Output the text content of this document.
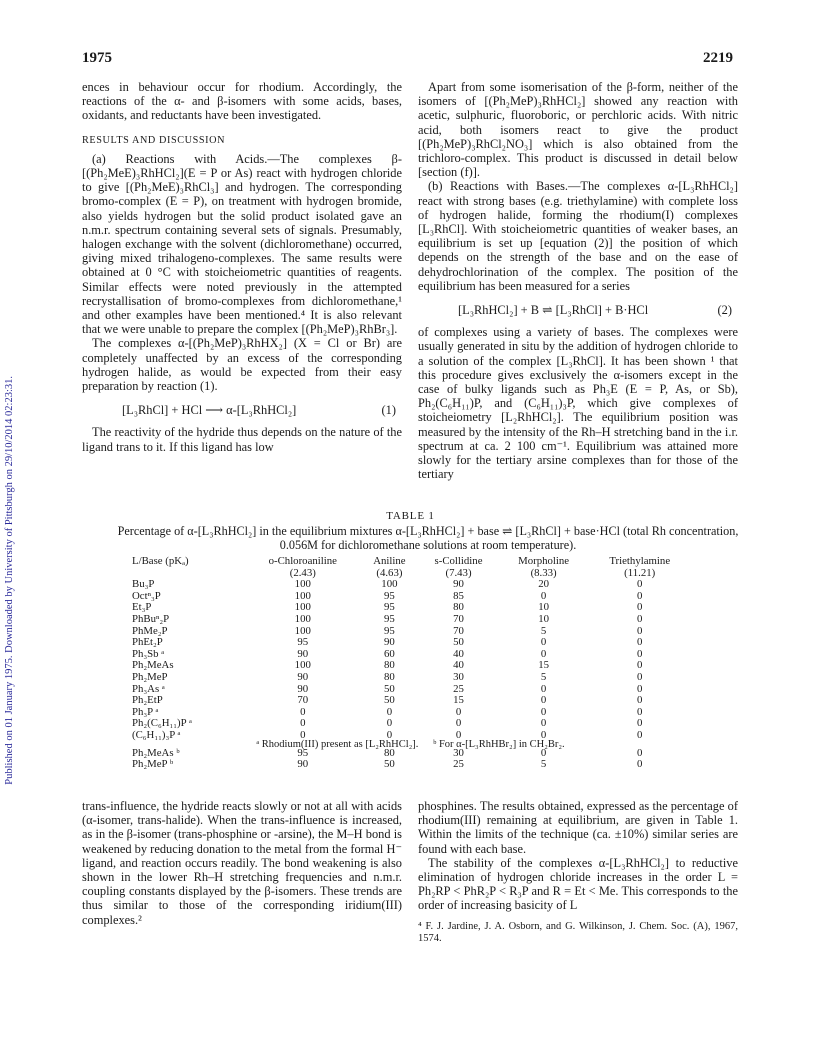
Published on 01 January 1975. Downloaded by University of Pittsburgh on 29/10/2014 02:23:31.
1975	2219

ences in behaviour occur for rhodium. Accordingly, the reactions of the α- and β-isomers with some acids, bases, oxidants, and reductants have been investigated.

RESULTS AND DISCUSSION

(a) Reactions with Acids.—The complexes β-[(Ph₂MeE)₃RhHCl₂](E = P or As) react with hydrogen chloride to give [(Ph₂MeE)₃RhCl₃] and hydrogen. The corresponding bromo-complex (E = P), on treatment with hydrogen bromide, also yields hydrogen but the solid product isolated gave an n.m.r. spectrum containing several sets of signals. Presumably, halogen exchange with the solvent (dichloromethane) occurred, giving mixed trihalogeno-complexes. The same results were obtained at 0 °C with stoicheiometric quantities of reagents. Similar effects were noted previously in the attempted recrystallisation of bromo-complexes from dichloromethane,¹ and other examples have been mentioned.⁴ It is also relevant that we were unable to prepare the complex [(Ph₂MeP)₃RhBr₃].

The complexes α-[(Ph₂MeP)₃RhHX₂] (X = Cl or Br) are completely unaffected by an excess of the corresponding hydrogen halide, as would be expected from their easy preparation by reaction (1).

[L₃RhCl] + HCl ⟶ α-[L₃RhHCl₂]	(1)

The reactivity of the hydride thus depends on the nature of the ligand trans to it. If this ligand has low

Apart from some isomerisation of the β-form, neither of the isomers of [(Ph₂MeP)₃RhHCl₂] showed any reaction with acetic, sulphuric, fluoroboric, or perchloric acids. With nitric acid, both isomers react to give the product [(Ph₂MeP)₃RhCl₂NO₃] which is also obtained from the trichloro-complex. This product is discussed in detail below [section (f)].

(b) Reactions with Bases.—The complexes α-[L₃RhHCl₂] react with strong bases (e.g. triethylamine) with complete loss of hydrogen halide, forming the rhodium(I) complexes [L₃RhCl]. With stoicheiometric quantities of weaker bases, an equilibrium is set up [equation (2)] the position of which depends on the strength of the base and on the ease of dehydrochlorination of the complex. The position of the equilibrium has been measured for a series

[L₃RhHCl₂] + B ⇌ [L₃RhCl] + B·HCl	(2)

of complexes using a variety of bases. The complexes were usually generated in situ by the addition of hydrogen chloride to a solution of the complex [L₃RhCl]. It has been shown ¹ that this procedure gives exclusively the α-isomers except in the case of bulky ligands such as Ph₃E (E = P, As, or Sb), Ph₂(C₆H₁₁)P, and (C₆H₁₁)₃P, which give complexes of stoicheiometry [L₂RhHCl₂]. The equilibrium position was measured by the intensity of the Rh–H stretching band in the i.r. spectrum at ca. 2 100 cm⁻¹. Equilibrium was attained more slowly for the tertiary arsine complexes than for those of the tertiary

TABLE 1
Percentage of α-[L₃RhHCl₂] in the equilibrium mixtures α-[L₃RhHCl₂] + base ⇌ [L₃RhCl] + base·HCl (total Rh concentration, 0.056M for dichloromethane solutions at room temperature).
L/Base (pKₐ)	o-Chloroaniline	Aniline	s-Collidine	Morpholine	Triethylamine
	(2.43)	(4.63)	(7.43)	(8.33)	(11.21)
Bu₃P	100	100	90	20	0
Octⁿ₃P	100	95	85	0	0
Et₃P	100	95	80	10	0
PhBuⁿ₂P	100	95	70	10	0
PhMe₂P	100	95	70	5	0
PhEt₂P	95	90	50	0	0
Ph₃Sb ᵃ	90	60	40	0	0
Ph₂MeAs	100	80	40	15	0
Ph₂MeP	90	80	30	5	0
Ph₃As ᵃ	90	50	25	0	0
Ph₂EtP	70	50	15	0	0
Ph₃P ᵃ	0	0	0	0	0
Ph₂(C₆H₁₁)P ᵃ	0	0	0	0	0
(C₆H₁₁)₃P ᵃ	0	0	0	0	0

Ph₂MeAs ᵇ	95	80	30	0	0
Ph₂MeP ᵇ	90	50	25	5	0
ᵃ Rhodium(III) present as [L₂RhHCl₂]. ᵇ For α-[L₃RhHBr₂] in CH₂Br₂.

trans-influence, the hydride reacts slowly or not at all with acids (α-isomer, trans-halide). When the trans-influence is increased, as in the β-isomer (trans-phosphine or -arsine), the M–H bond is weakened by reducing donation to the metal from the formal H⁻ ligand, and reaction occurs readily. The bond weakening is also shown in the lower Rh–H stretching frequencies and n.m.r. coupling constants displayed by the β-isomers. These trends are thus similar to those of the corresponding iridium(III) complexes.²

phosphines. The results obtained, expressed as the percentage of rhodium(III) remaining at equilibrium, are given in Table 1. Within the limits of the technique (ca. ±10%) similar series are found with each base.

The stability of the complexes α-[L₃RhHCl₂] to reductive elimination of hydrogen chloride increases in the order L = Ph₂RP < PhR₂P < R₃P and R = Et < Me. This corresponds to the order of increasing basicity of L

⁴ F. J. Jardine, J. A. Osborn, and G. Wilkinson, J. Chem. Soc. (A), 1967, 1574.
